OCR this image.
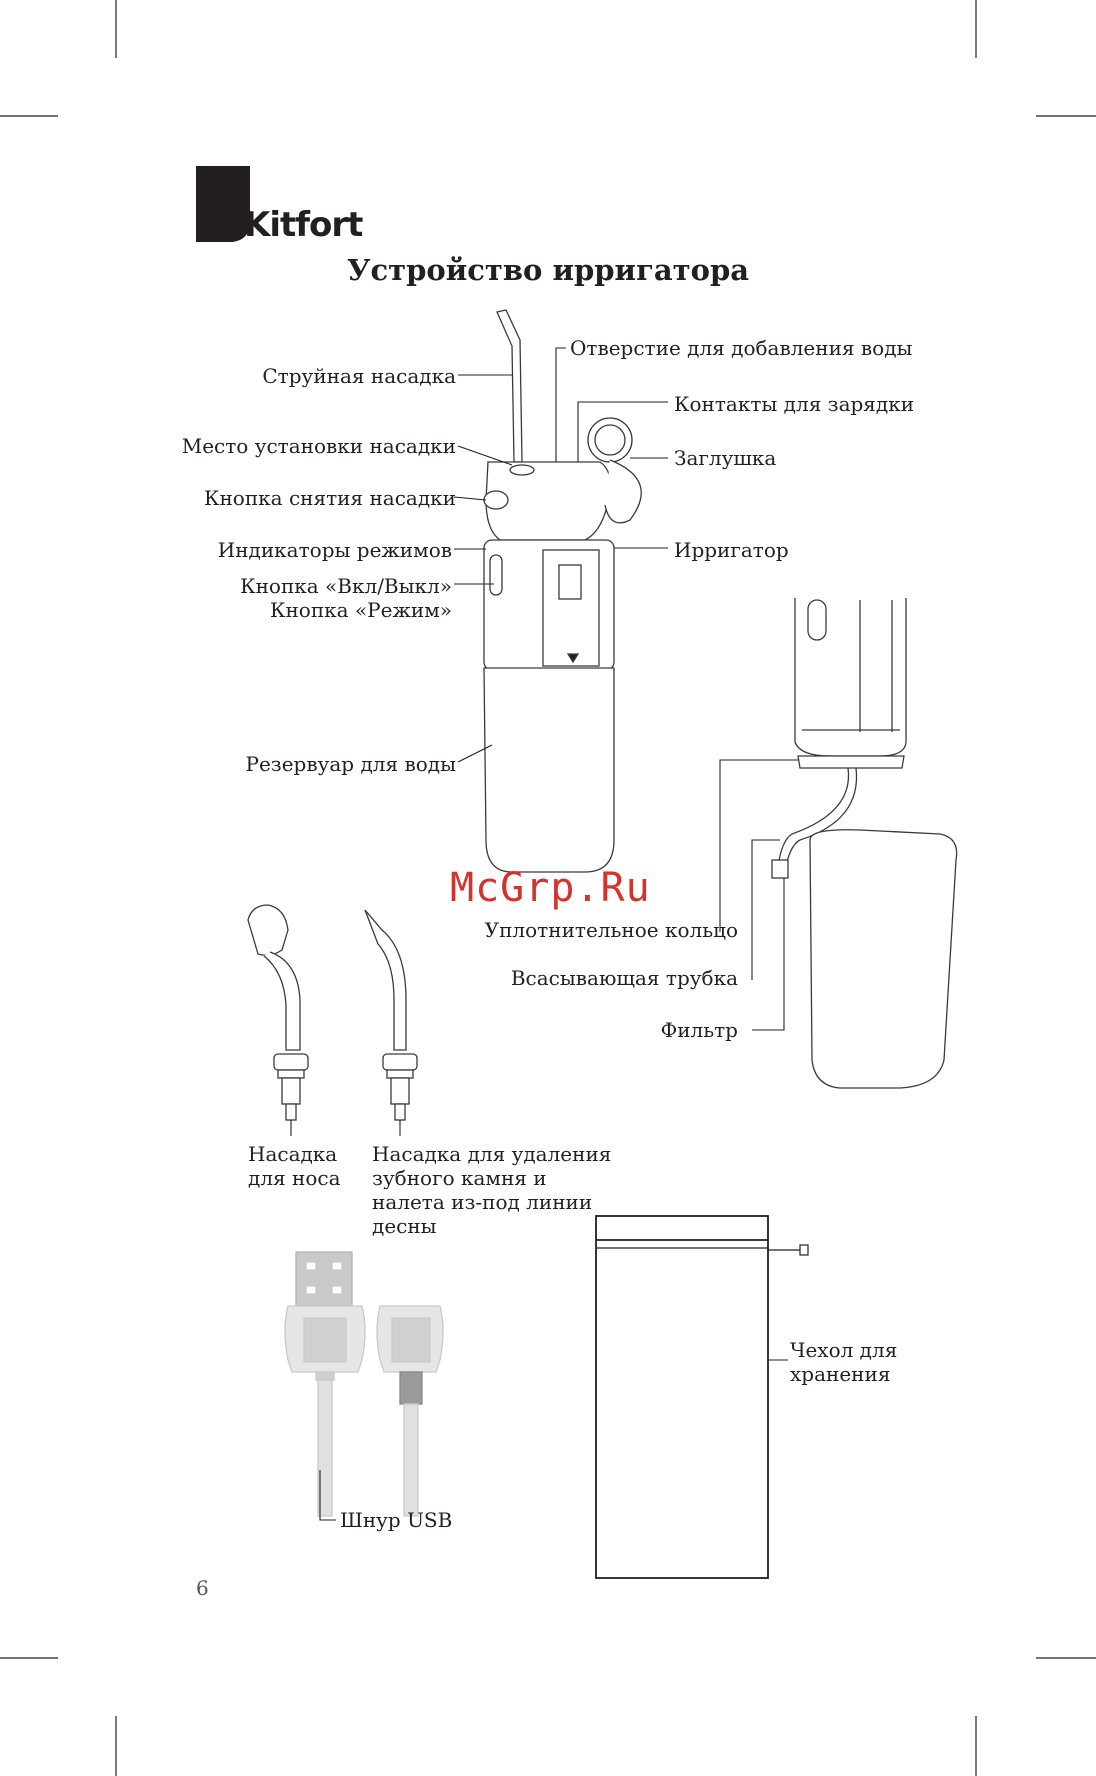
Kitfort
Устройство ирригатора
Струйная насадка
Место установки насадки
Кнопка снятия насадки
Индикаторы режимов
Кнопка «Вкл/Выкл»
Кнопка «Режим»
Резервуар для воды
Отверстие для добавления воды
Контакты для зарядки
Заглушка
Ирригатор
Уплотнительное кольцо
Всасывающая трубка
Фильтр
McGrp.Ru
Насадка для носа
Насадка для удаления зубного камня и налета из-под линии десны
Шнур USB
Чехол для хранения
6
